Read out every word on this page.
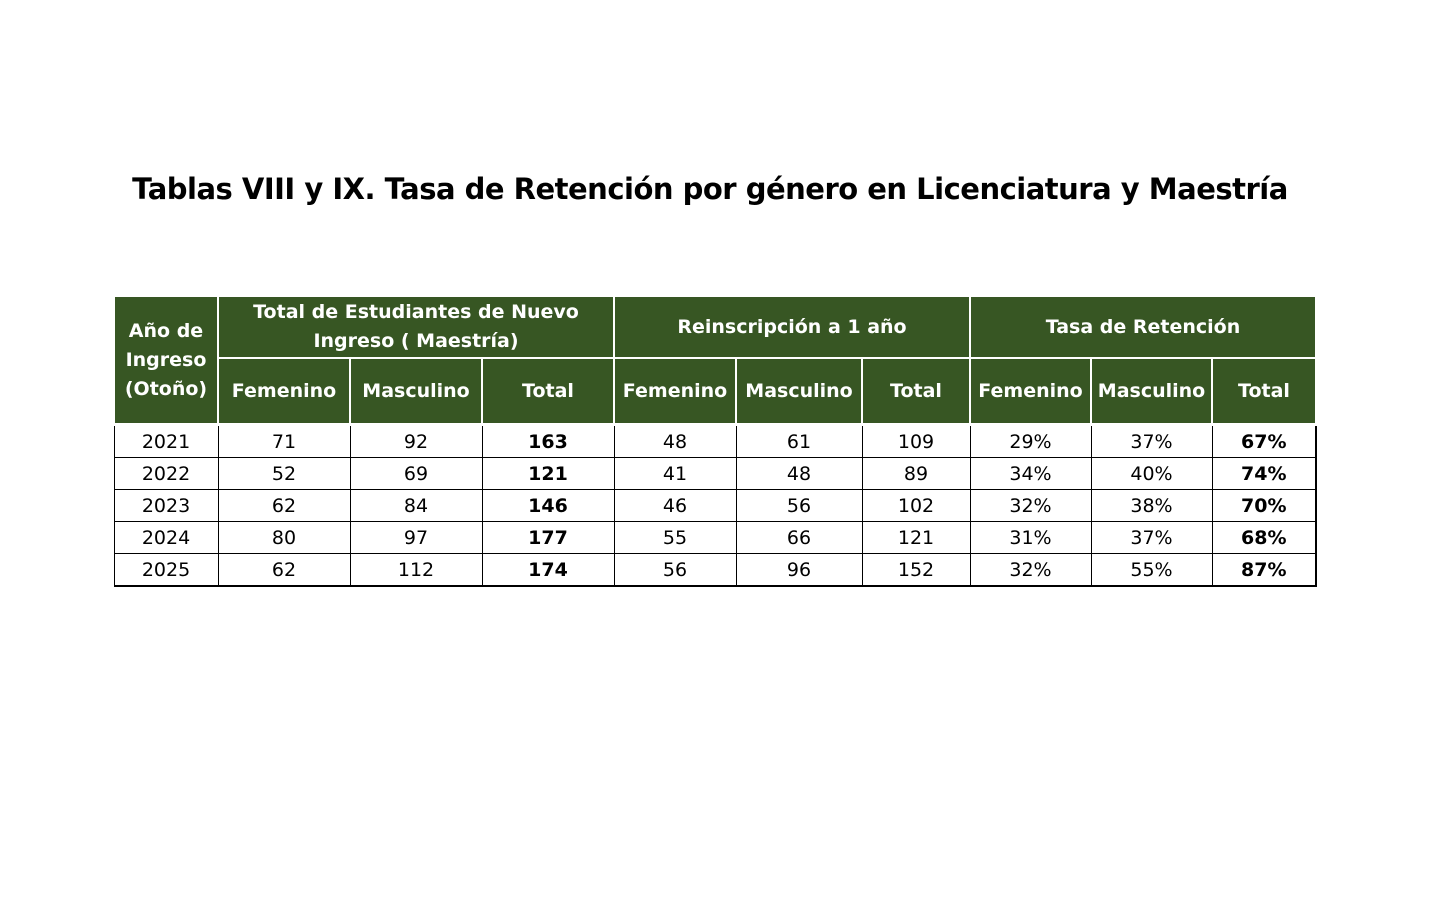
Tablas VIII y IX. Tasa de Retención por género en Licenciatura y Maestría
Año de Ingreso (Otoño)	Total de Estudiantes de Nuevo Ingreso ( Maestría)			Reinscripción a 1 año			Tasa de Retención		
	Femenino	Masculino	Total	Femenino	Masculino	Total	Femenino	Masculino	Total
2021	71	92	163	48	61	109	29%	37%	67%
2022	52	69	121	41	48	89	34%	40%	74%
2023	62	84	146	46	56	102	32%	38%	70%
2024	80	97	177	55	66	121	31%	37%	68%
2025	62	112	174	56	96	152	32%	55%	87%
